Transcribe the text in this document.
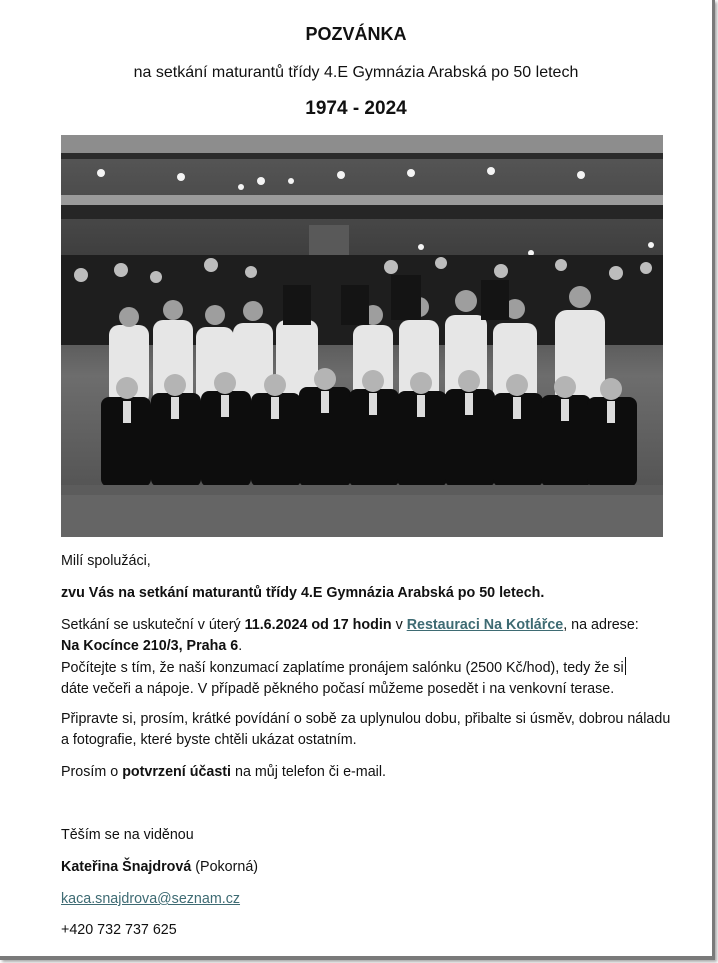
POZVÁNKA

na setkání maturantů třídy 4.E Gymnázia Arabská po 50 letech

1974 - 2024

Milí spolužáci,

zvu Vás na setkání maturantů třídy 4.E Gymnázia Arabská po 50 letech.

Setkání se uskuteční v úterý 11.6.2024 od 17 hodin v Restauraci Na Kotlářce, na adrese:
Na Kocínce 210/3, Praha 6.
Počítejte s tím, že naší konzumací zaplatíme pronájem salónku (2500 Kč/hod), tedy že si
dáte večeři a nápoje. V případě pěkného počasí můžeme posedět i na venkovní terase.

Připravte si, prosím, krátké povídání o sobě za uplynulou dobu, přibalte si úsměv, dobrou náladu a fotografie, které byste chtěli ukázat ostatním.

Prosím o potvrzení účasti na můj telefon či e-mail.

Těším se na viděnou

Kateřina Šnajdrová (Pokorná)

kaca.snajdrova@seznam.cz

+420 732 737 625
